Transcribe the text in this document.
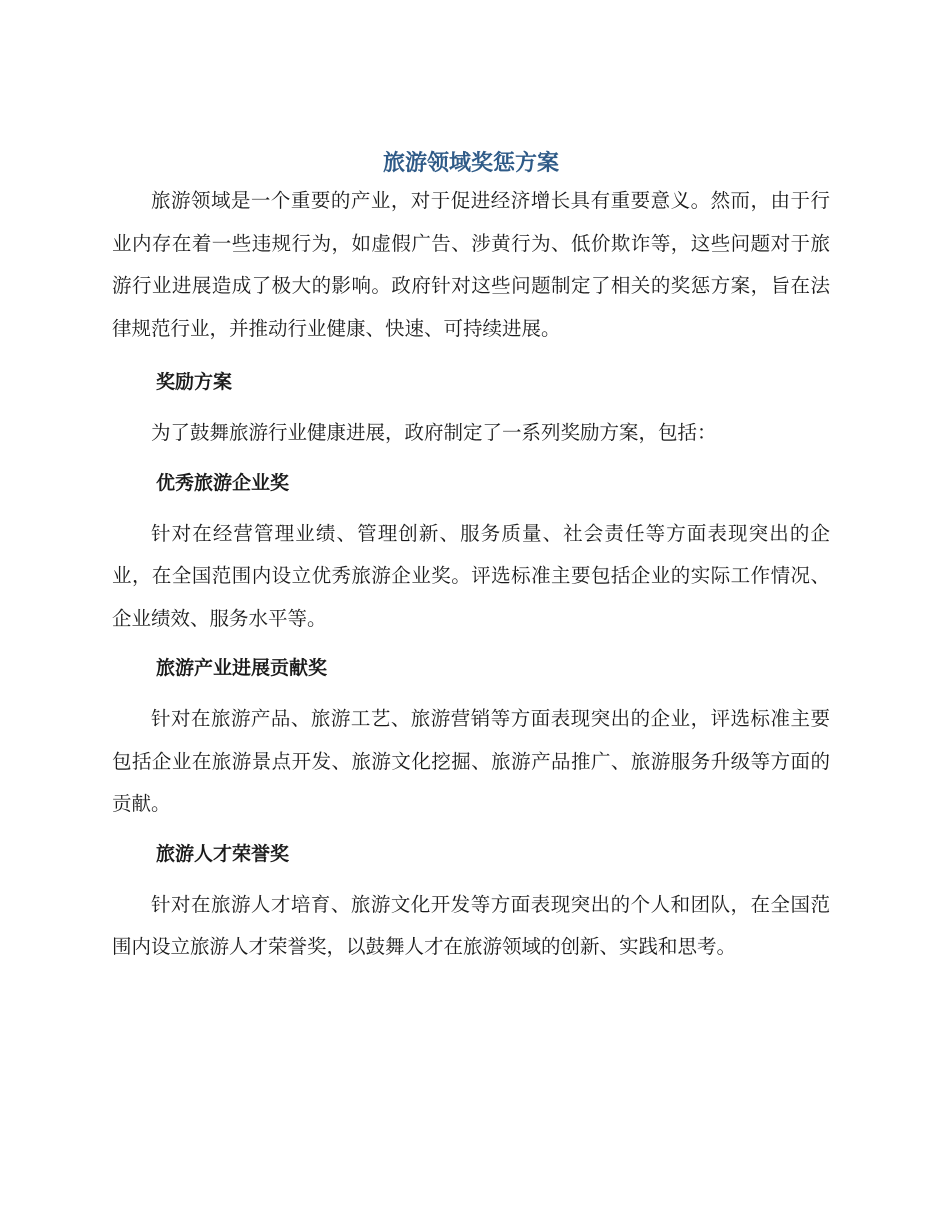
旅游领域奖惩方案

旅游领域是一个重要的产业，对于促进经济增长具有重要意义。然而，由于行业内存在着一些违规行为，如虚假广告、涉黄行为、低价欺诈等，这些问题对于旅游行业进展造成了极大的影响。政府针对这些问题制定了相关的奖惩方案，旨在法律规范行业，并推动行业健康、快速、可持续进展。

奖励方案

为了鼓舞旅游行业健康进展，政府制定了一系列奖励方案，包括：

优秀旅游企业奖

针对在经营管理业绩、管理创新、服务质量、社会责任等方面表现突出的企业，在全国范围内设立优秀旅游企业奖。评选标准主要包括企业的实际工作情况、企业绩效、服务水平等。

旅游产业进展贡献奖

针对在旅游产品、旅游工艺、旅游营销等方面表现突出的企业，评选标准主要包括企业在旅游景点开发、旅游文化挖掘、旅游产品推广、旅游服务升级等方面的贡献。

旅游人才荣誉奖

针对在旅游人才培育、旅游文化开发等方面表现突出的个人和团队，在全国范围内设立旅游人才荣誉奖，以鼓舞人才在旅游领域的创新、实践和思考。
